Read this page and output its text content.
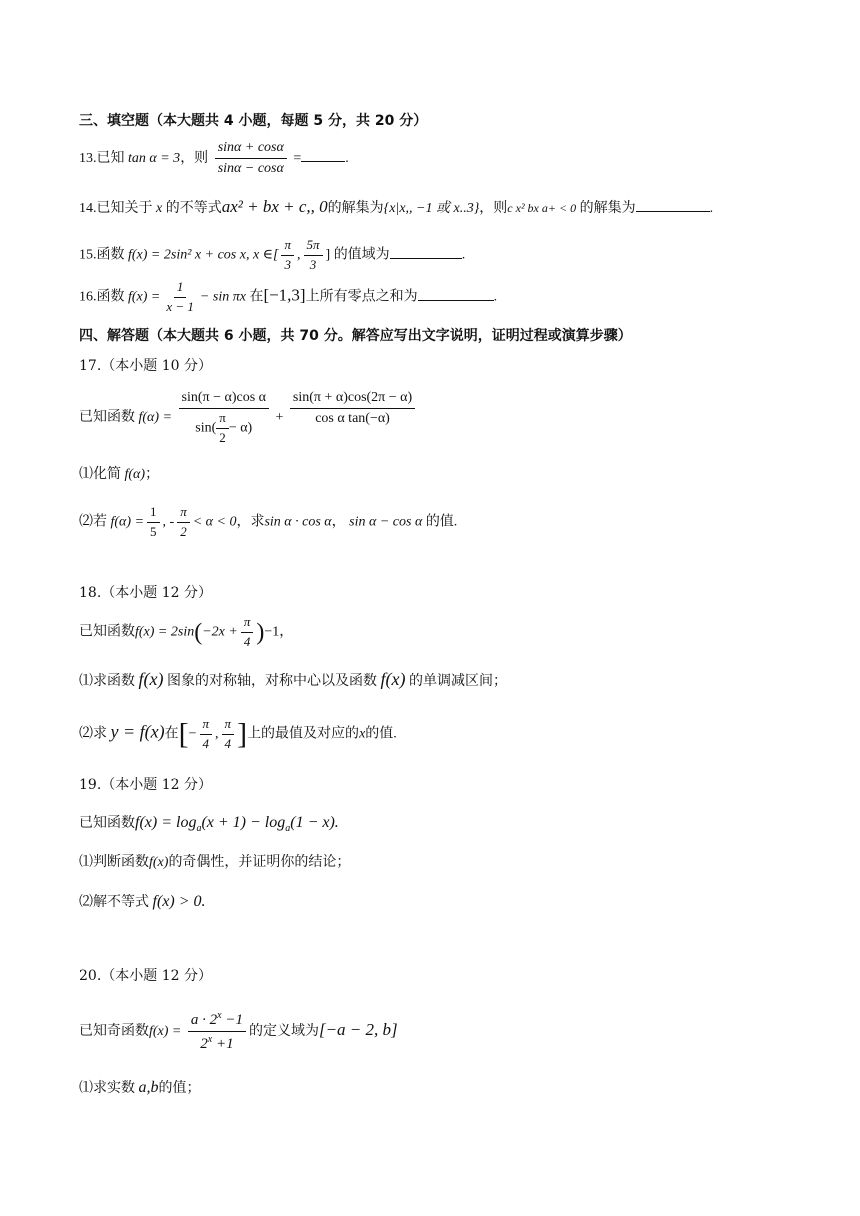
三、填空题（本大题共 4 小题，每题 5 分，共 20 分）
13.已知 tan α = 3，则 $\frac{\sin\alpha + \cos\alpha}{\sin\alpha - \cos\alpha}$ =	.
14.已知关于 x 的不等式ax² + bx + c,, 0的解集为{x|x,, −1 或 x..3}，则c x² bx a+ < 0 的解集为	.
15.函数 f(x) = 2sin² x + cos x, x ∈[ $\frac{\pi}{3}$ , $\frac{5\pi}{3}$ ] 的值域为	.
16.函数 $f(x) = \frac{1}{x - 1} - \sin \pi x$ 在[−1,3]上所有零点之和为	.
四、解答题（本大题共 6 小题，共 70 分。解答应写出文字说明，证明过程或演算步骤）
17.（本小题 10 分）
已知函数 $f(\alpha) = \frac{\text{sin(π − α)cos α}}{\sin( \frac{\pi}{2} - \alpha)} + \frac{\sin(\pi + \alpha)\cos(2\pi - \alpha)}{\text{cos α tan(−α)}}$
⑴化简 f(α)；
⑵若 $f(\alpha) = \frac{1}{5}$ , - $\frac{\pi}{2} < \alpha < 0$，求sin α · cos α， sin α − cos α 的值.
18.（本小题 12 分）
已知函数$f(x) = 2\sin(-2x + \frac{\pi}{4} )-1$，
⑴求函数 f(x) 图象的对称轴，对称中心以及函数 f(x) 的单调减区间；
⑵求 y = f(x)在[− $\frac{\pi}{4}$ , $\frac{\pi}{4}$ ]上的最值及对应的x的值.
19.（本小题 12 分）
已知函数$f(x) = \log_a(x + 1) - \log_a(1 - x)$.
⑴判断函数f(x)的奇偶性，并证明你的结论；
⑵解不等式 f(x) > 0.
20.（本小题 12 分）
已知奇函数$f(x) = \frac{a \cdot 2^x -1}{2^x +1}$ 的定义域为[−a − 2, b]
⑴求实数 a,b的值；
